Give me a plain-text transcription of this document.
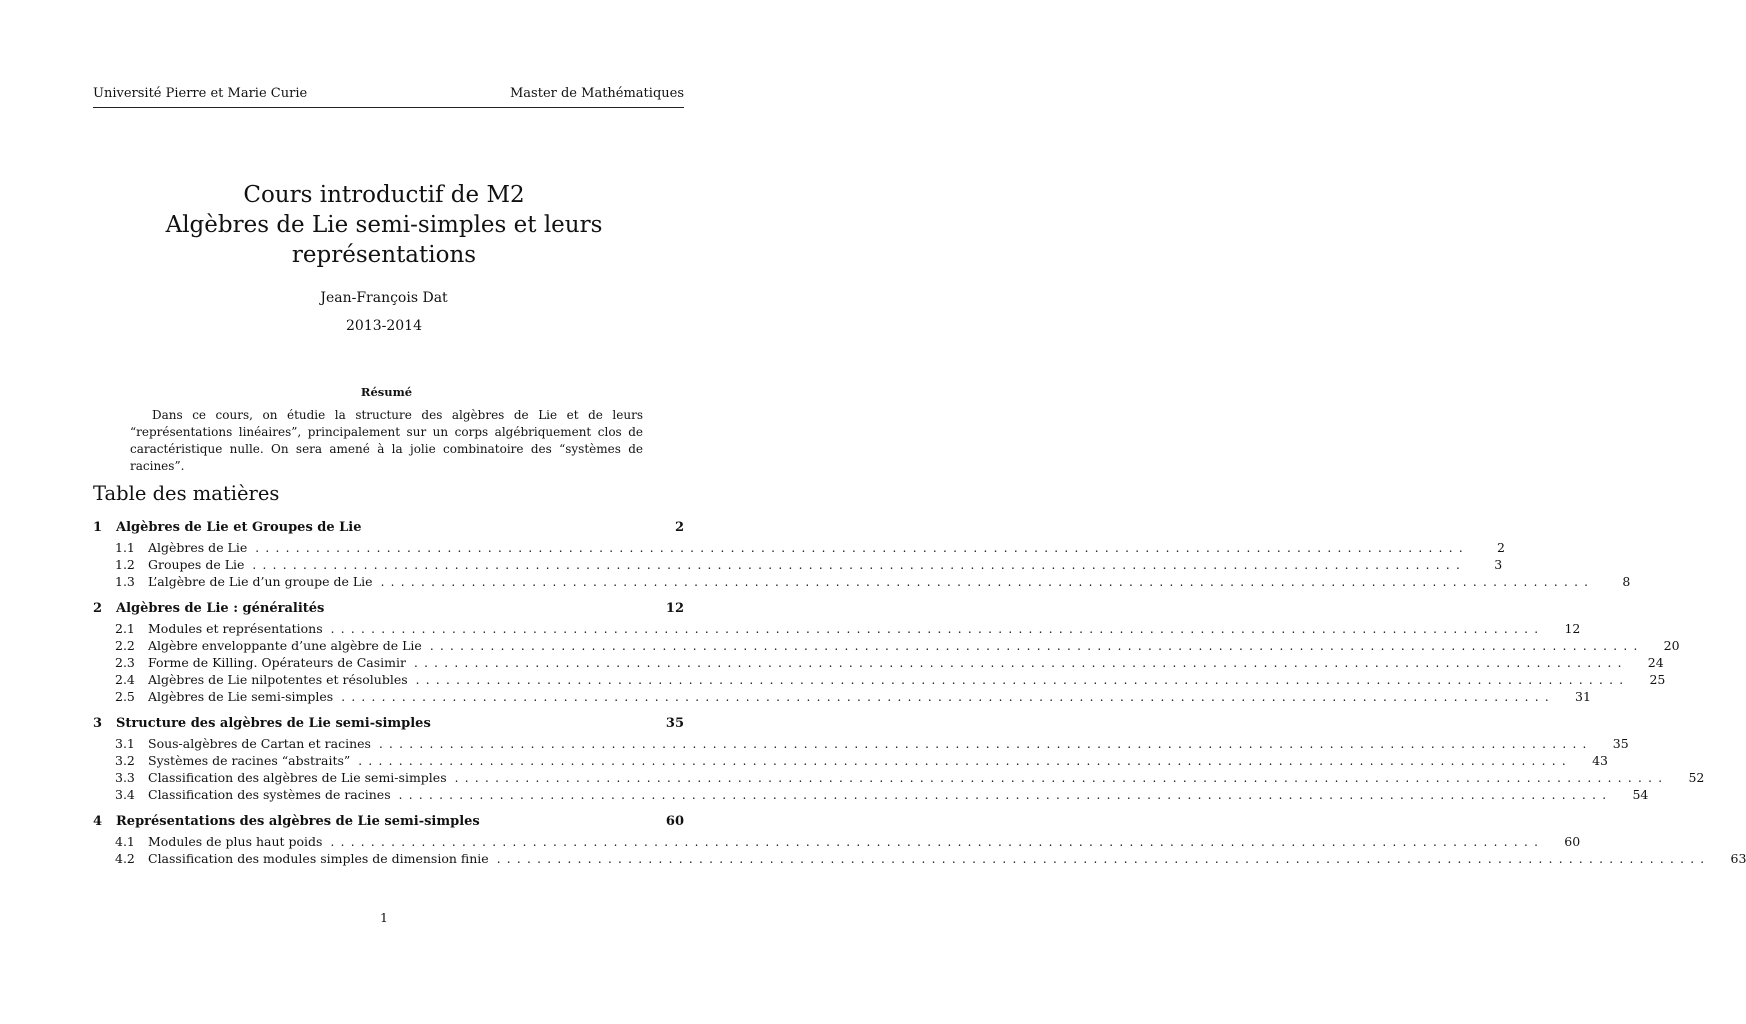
Université Pierre et Marie Curie	Master de Mathématiques
Cours introductif de M2
Algèbres de Lie semi-simples et leurs
représentations
Jean-François Dat
2013-2014
Résumé
Dans ce cours, on étudie la structure des algèbres de Lie et de leurs “représentations linéaires”, principalement sur un corps algébriquement clos de caractéristique nulle. On sera amené à la jolie combinatoire des “systèmes de racines”.
Table des matières
1	Algèbres de Lie et Groupes de Lie	2
1.1	Algèbres de Lie ........................................................................................................................	2
1.2	Groupes de Lie ........................................................................................................................	3
1.3	L’algèbre de Lie d’un groupe de Lie ........................................................................................................................	8
2	Algèbres de Lie : généralités	12
2.1	Modules et représentations ........................................................................................................................	12
2.2	Algèbre enveloppante d’une algèbre de Lie ........................................................................................................................	20
2.3	Forme de Killing. Opérateurs de Casimir ........................................................................................................................	24
2.4	Algèbres de Lie nilpotentes et résolubles ........................................................................................................................	25
2.5	Algèbres de Lie semi-simples ........................................................................................................................	31
3	Structure des algèbres de Lie semi-simples	35
3.1	Sous-algèbres de Cartan et racines ........................................................................................................................	35
3.2	Systèmes de racines “abstraits” ........................................................................................................................	43
3.3	Classification des algèbres de Lie semi-simples ........................................................................................................................	52
3.4	Classification des systèmes de racines ........................................................................................................................	54
4	Représentations des algèbres de Lie semi-simples	60
4.1	Modules de plus haut poids ........................................................................................................................	60
4.2	Classification des modules simples de dimension finie ........................................................................................................................	63
1
